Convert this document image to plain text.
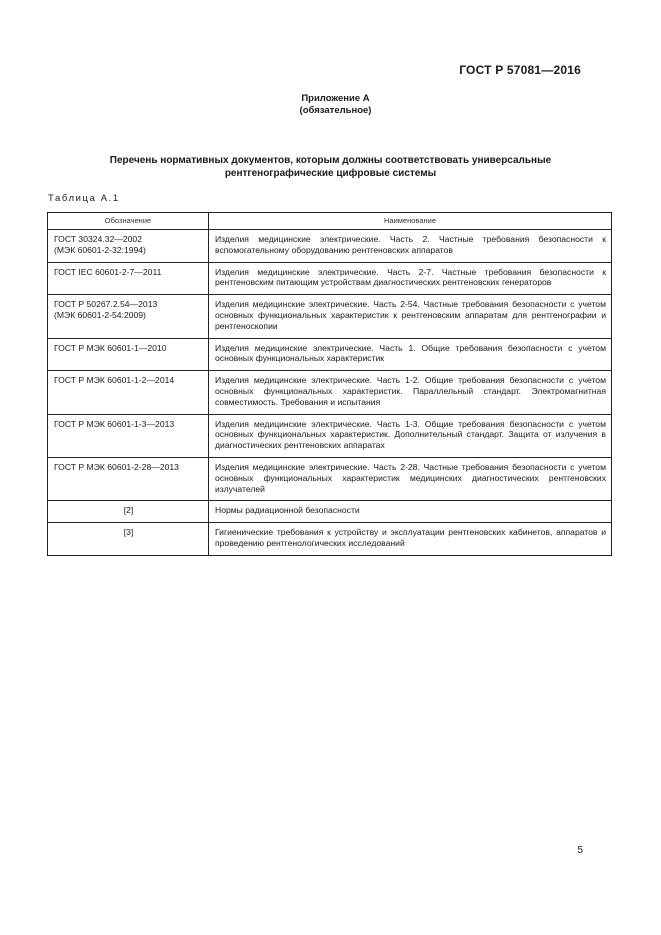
ГОСТ Р 57081—2016
Приложение А
(обязательное)
Перечень нормативных документов, которым должны соответствовать универсальные
рентгенографические цифровые системы
Таблица А.1
Обозначение	Наименование

ГОСТ 30324.32—2002
(МЭК 60601-2-32:1994)	Изделия медицинские электрические. Часть 2. Частные требования безопасности к вспомогательному оборудованию рентгеновских аппаратов

ГОСТ IEC 60601-2-7—2011	Изделия медицинские электрические. Часть 2-7. Частные требования безопасности к рентгеновским питающим устройствам диагностических рентгеновских генераторов

ГОСТ Р 50267.2.54—2013
(МЭК 60601-2-54:2009)	Изделия медицинские электрические. Часть 2-54. Частные требования безопасности с учетом основных функциональных характеристик к рентгеновским аппаратам для рентгенографии и рентгеноскопии

ГОСТ Р МЭК 60601-1—2010	Изделия медицинские электрические. Часть 1. Общие требования безопасности с учетом основных функциональных характеристик

ГОСТ Р МЭК 60601-1-2—2014	Изделия медицинские электрические. Часть 1-2. Общие требования безопасности с учетом основных функциональных характеристик. Параллельный стандарт. Электромагнитная совместимость. Требования и испытания

ГОСТ Р МЭК 60601-1-3—2013	Изделия медицинские электрические. Часть 1-3. Общие требования безопасности с учетом основных функциональных характеристик. Дополнительный стандарт. Защита от излучения в диагностических рентгеновских аппаратах

ГОСТ Р МЭК 60601-2-28—2013	Изделия медицинские электрические. Часть 2-28. Частные требования безопасности с учетом основных функциональных характеристик медицинских диагностических рентгеновских излучателей

[2]	Нормы радиационной безопасности

[3]	Гигиенические требования к устройству и эксплуатации рентгеновских кабинетов, аппаратов и проведению рентгенологических исследований
5
